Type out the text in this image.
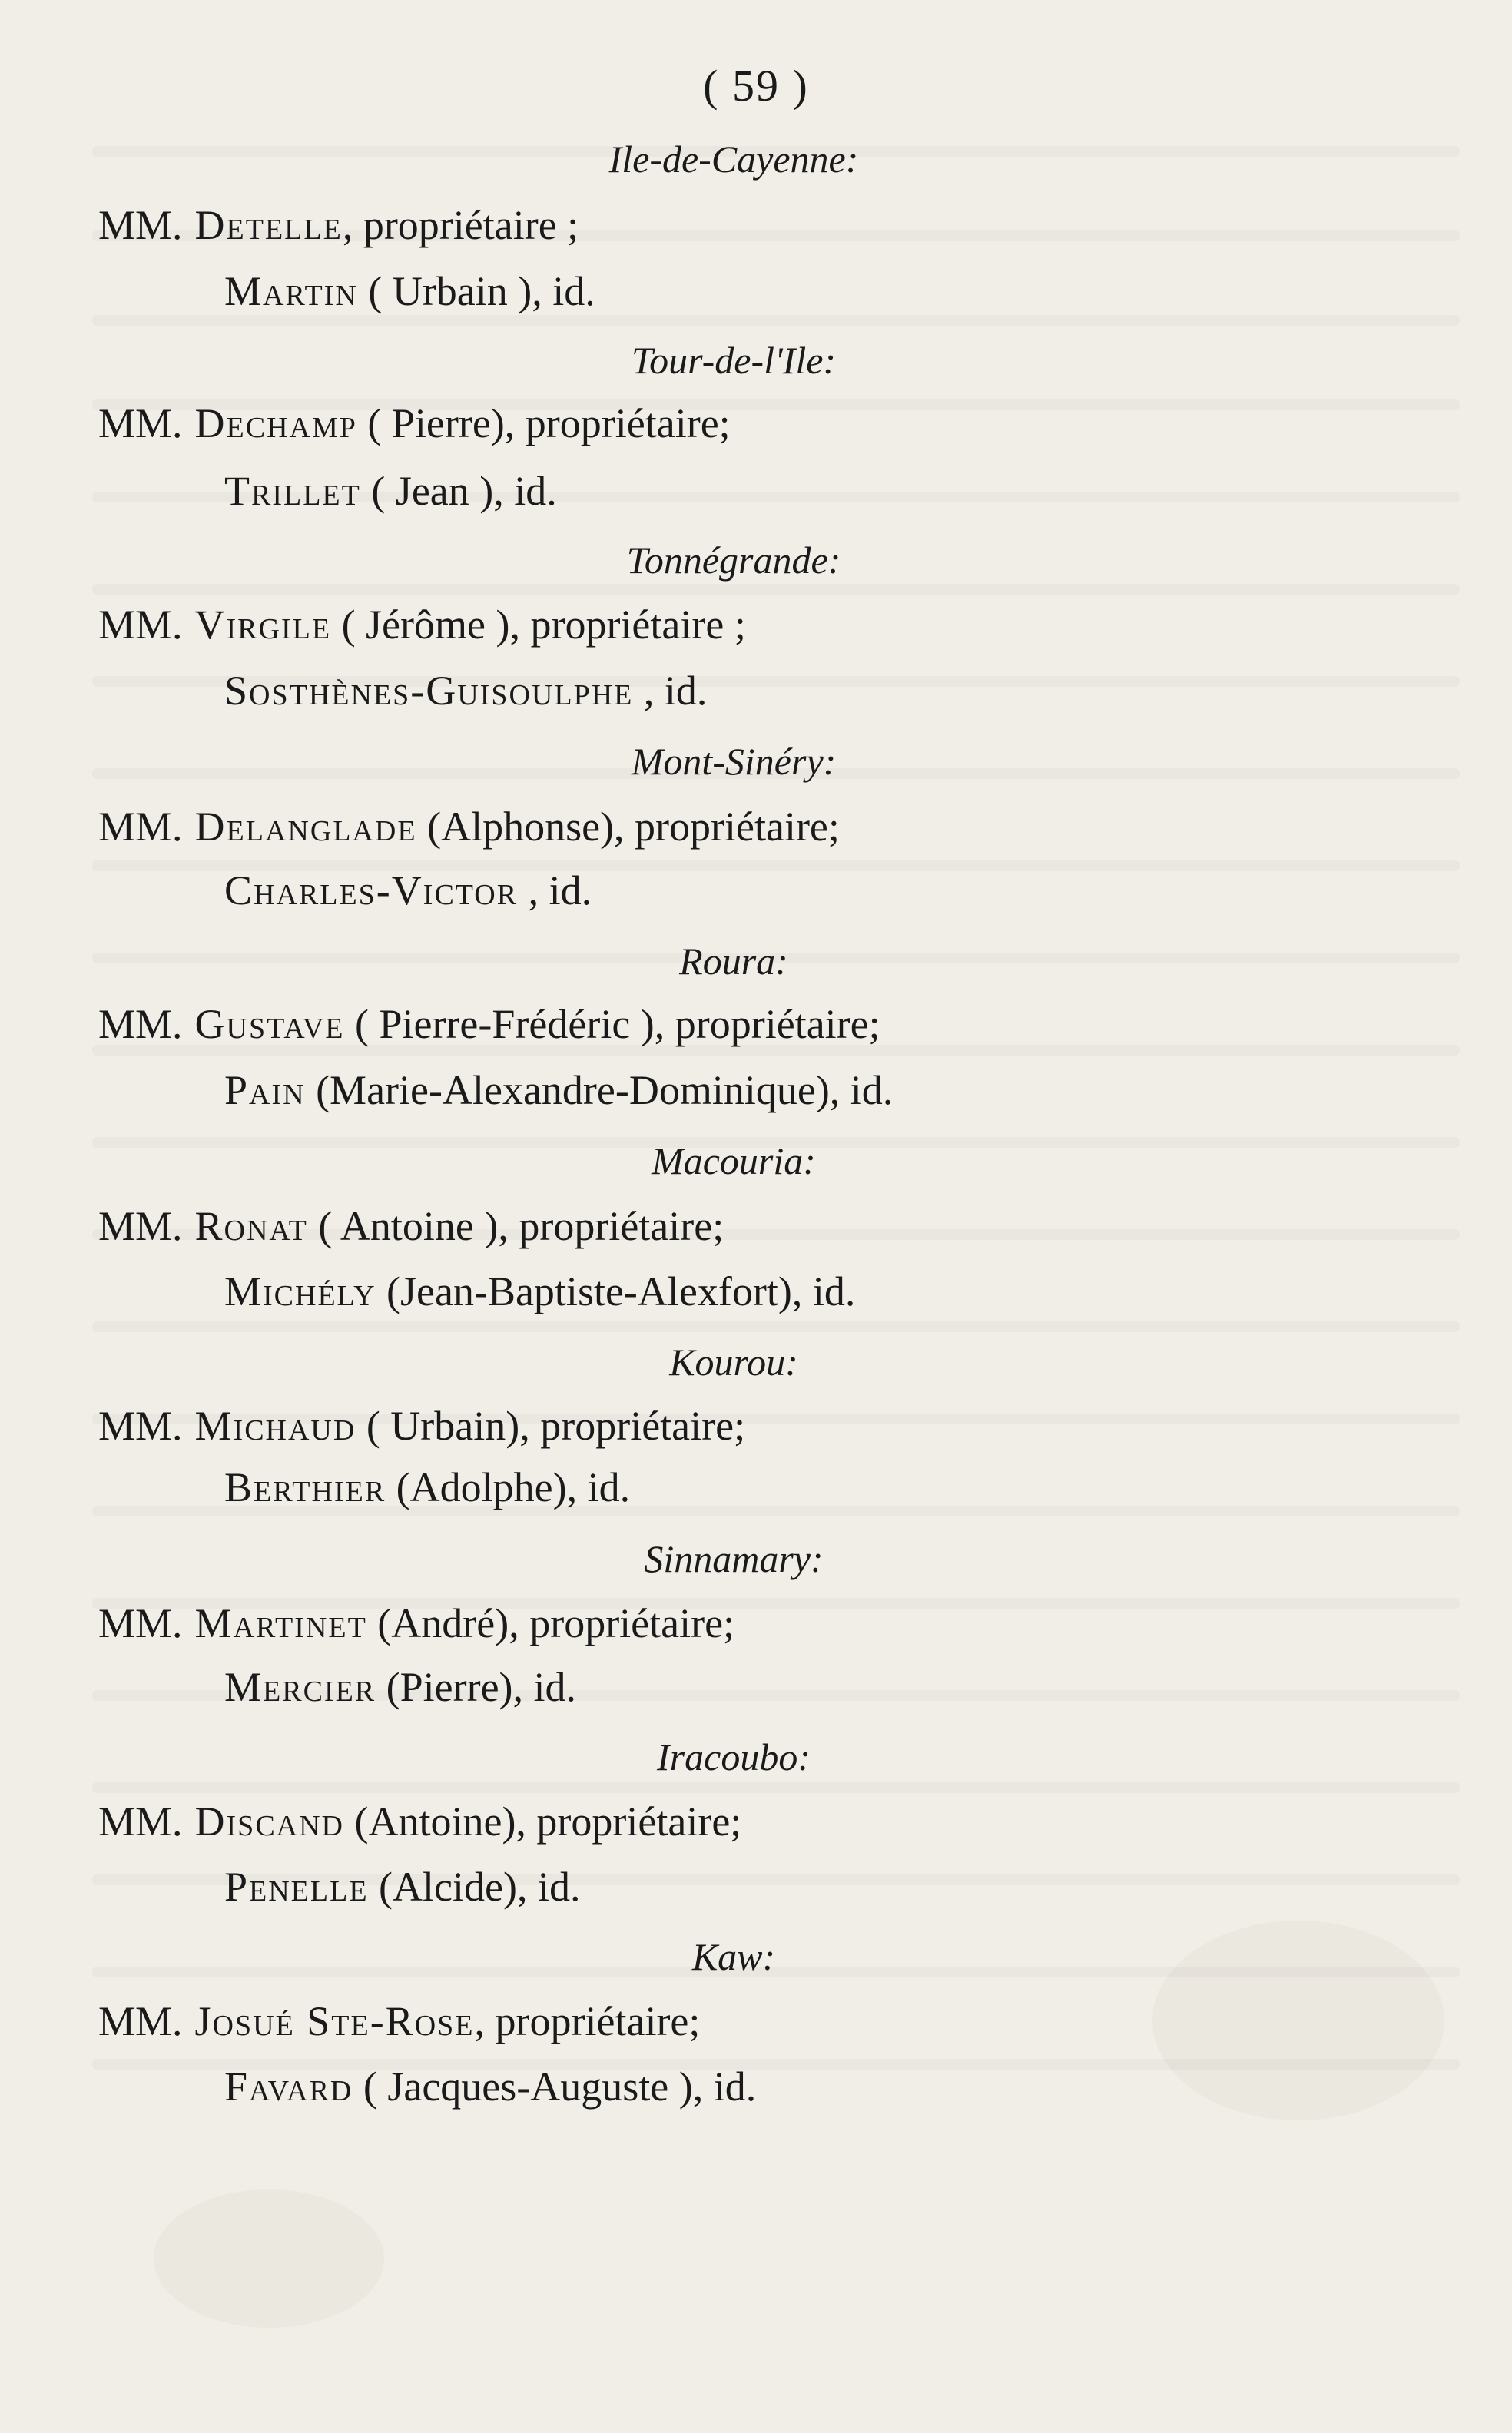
( 59 )
Ile-de-Cayenne:
MM. Detelle, propriétaire ;
Martin ( Urbain ), id.
Tour-de-l'Ile:
MM. Dechamp ( Pierre), propriétaire;
Trillet ( Jean ), id.
Tonnégrande:
MM. Virgile ( Jérôme ), propriétaire ;
Sosthènes-Guisoulphe , id.
Mont-Sinéry:
MM. Delanglade (Alphonse), propriétaire;
Charles-Victor , id.
Roura:
MM. Gustave ( Pierre-Frédéric ), propriétaire;
Pain (Marie-Alexandre-Dominique), id.
Macouria:
MM. Ronat ( Antoine ), propriétaire;
Michély (Jean-Baptiste-Alexfort), id.
Kourou:
MM. Michaud ( Urbain), propriétaire;
Berthier (Adolphe), id.
Sinnamary:
MM. Martinet (André), propriétaire;
Mercier (Pierre), id.
Iracoubo:
MM. Discand (Antoine), propriétaire;
Penelle (Alcide), id.
Kaw:
MM. Josué Ste-Rose, propriétaire;
Favard ( Jacques-Auguste ), id.
